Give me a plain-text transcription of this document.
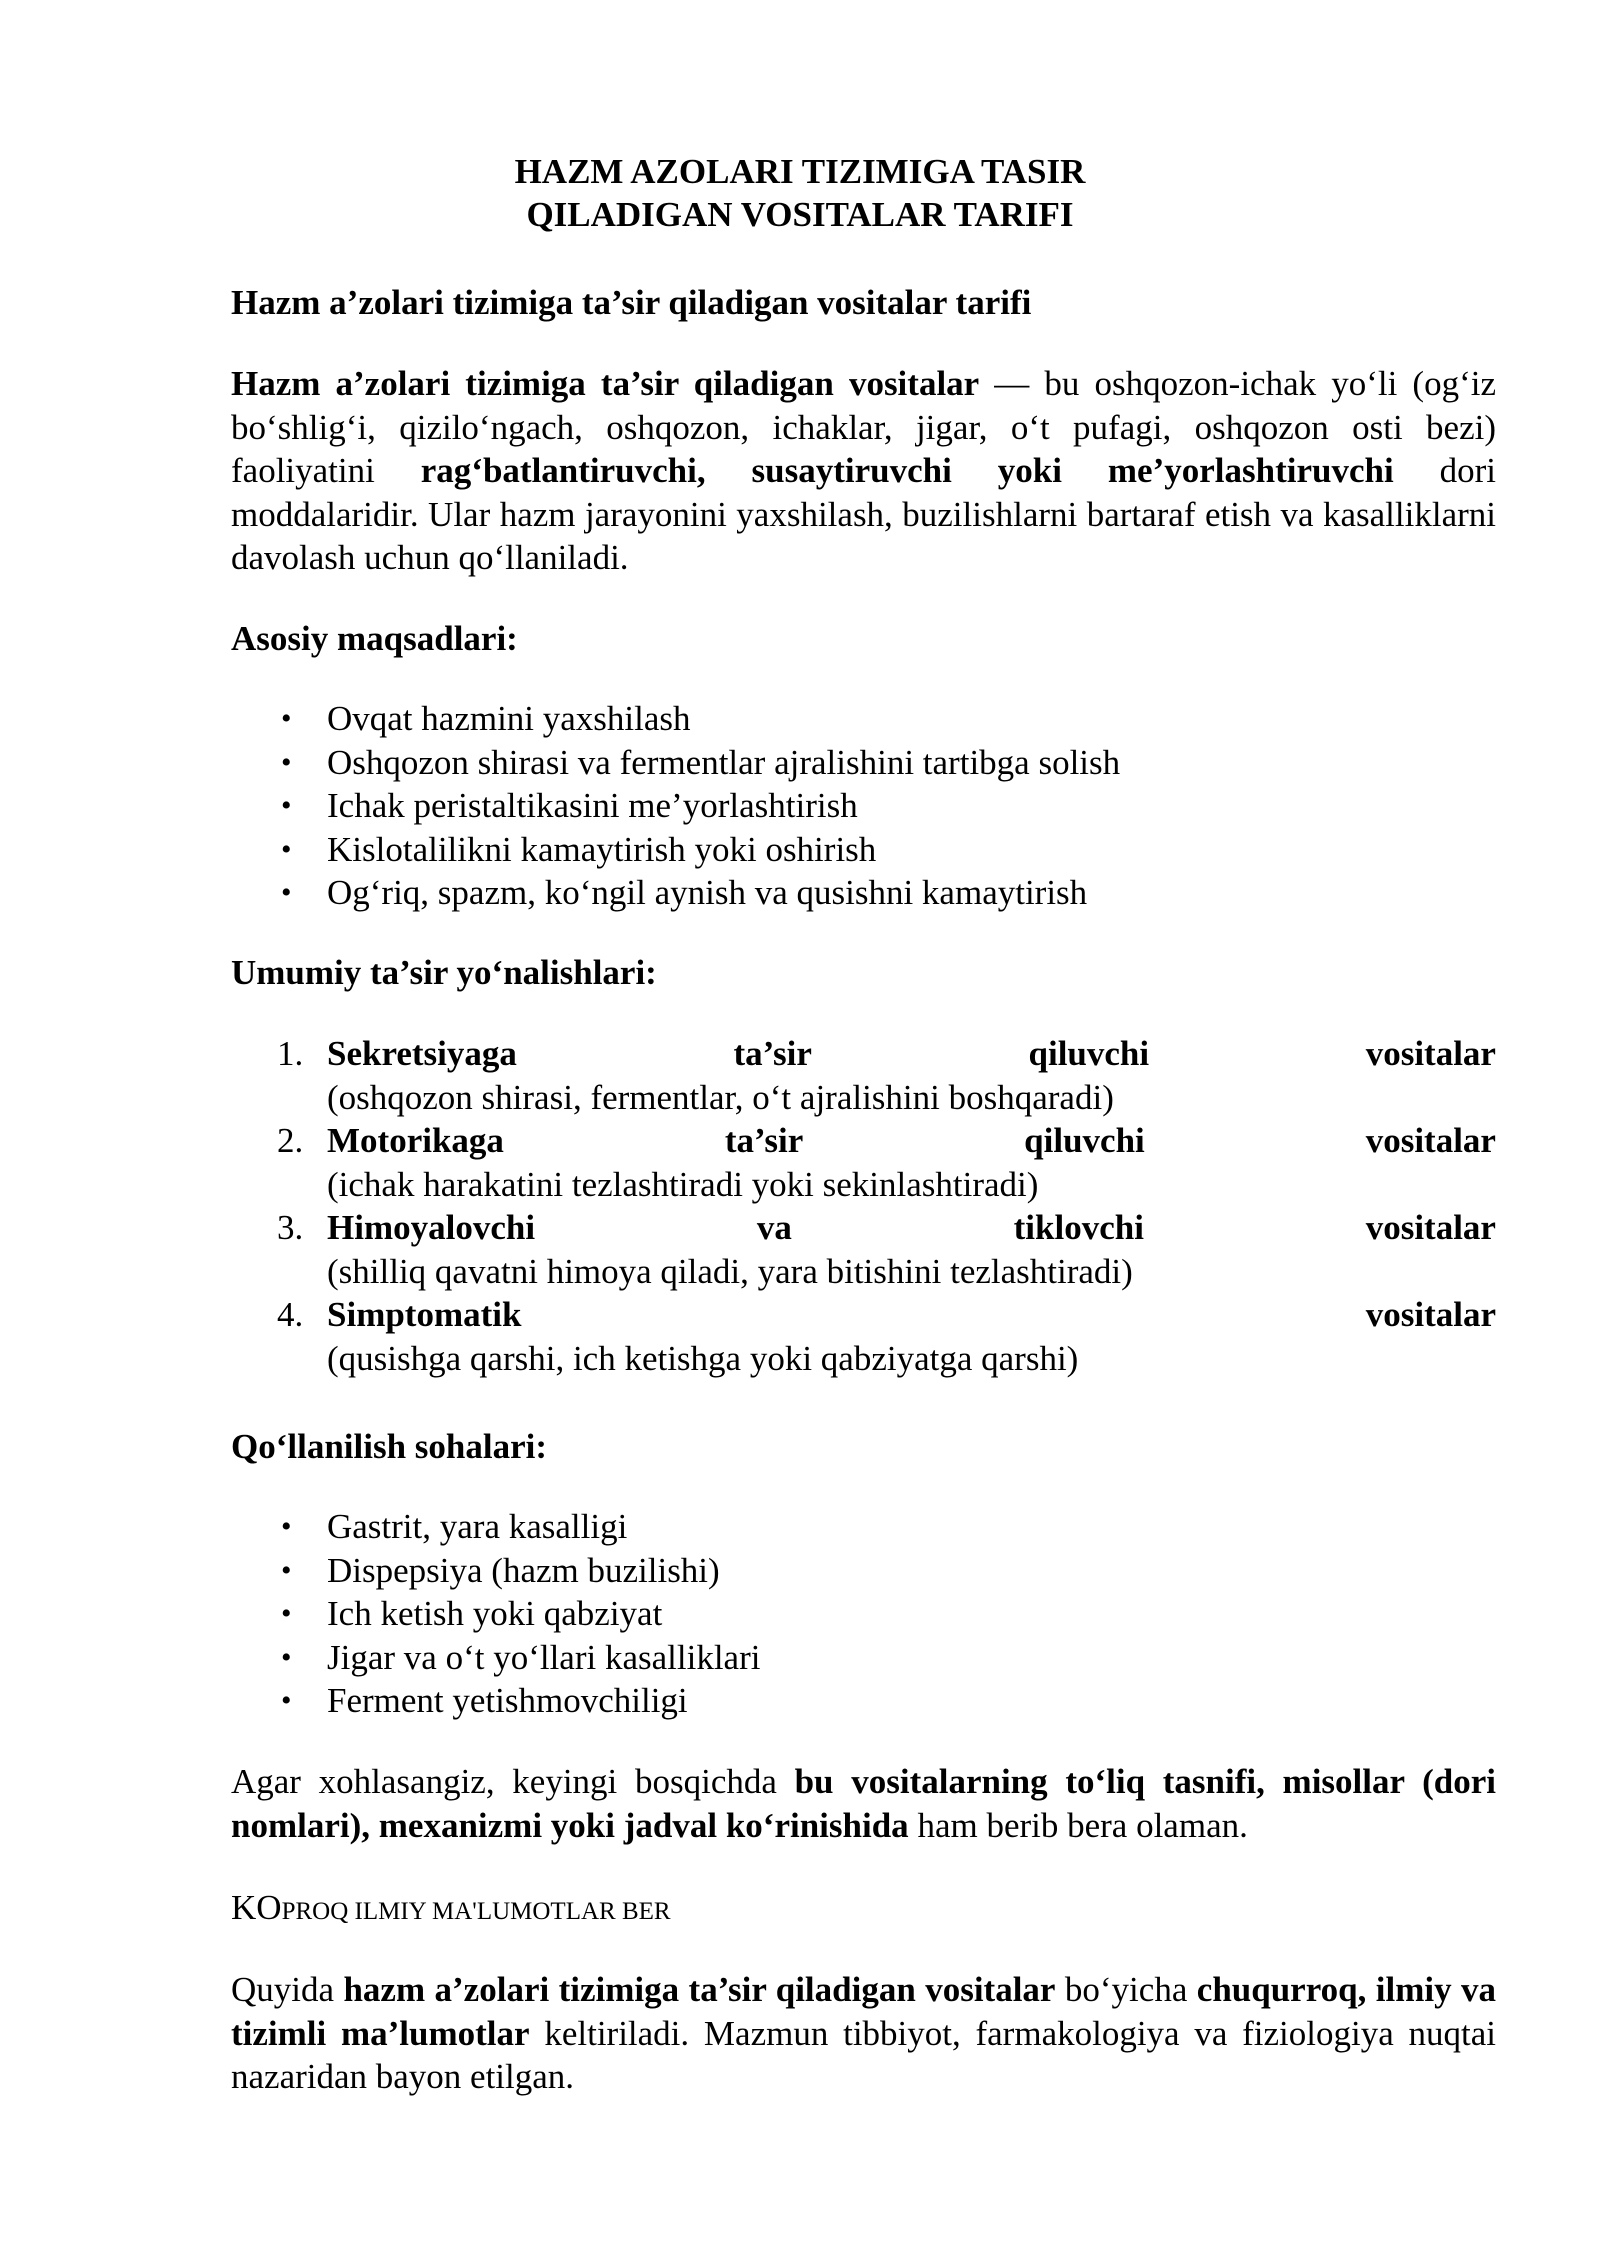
HAZM AZOLARI TIZIMIGA TASIR
QILADIGAN VOSITALAR TARIFI
Hazm a’zolari tizimiga ta’sir qiladigan vositalar tarifi
Hazm a’zolari tizimiga ta’sir qiladigan vositalar — bu oshqozon-ichak yo‘li (og‘iz bo‘shlig‘i, qizilo‘ngach, oshqozon, ichaklar, jigar, o‘t pufagi, oshqozon osti bezi) faoliyatini rag‘batlantiruvchi, susaytiruvchi yoki me’yorlashtiruvchi dori moddalaridir. Ular hazm jarayonini yaxshilash, buzilishlarni bartaraf etish va kasalliklarni davolash uchun qo‘llaniladi.
Asosiy maqsadlari:
• Ovqat hazmini yaxshilash
• Oshqozon shirasi va fermentlar ajralishini tartibga solish
• Ichak peristaltikasini me’yorlashtirish
• Kislotalilikni kamaytirish yoki oshirish
• Og‘riq, spazm, ko‘ngil aynish va qusishni kamaytirish
Umumiy ta’sir yo‘nalishlari:
1. Sekretsiyaga	ta’sir	qiluvchi	vositalar
(oshqozon shirasi, fermentlar, o‘t ajralishini boshqaradi)
2. Motorikaga	ta’sir	qiluvchi	vositalar
(ichak harakatini tezlashtiradi yoki sekinlashtiradi)
3. Himoyalovchi	va	tiklovchi	vositalar
(shilliq qavatni himoya qiladi, yara bitishini tezlashtiradi)
4. Simptomatik	vositalar
(qusishga qarshi, ich ketishga yoki qabziyatga qarshi)
Qo‘llanilish sohalari:
• Gastrit, yara kasalligi
• Dispepsiya (hazm buzilishi)
• Ich ketish yoki qabziyat
• Jigar va o‘t yo‘llari kasalliklari
• Ferment yetishmovchiligi
Agar xohlasangiz, keyingi bosqichda bu vositalarning to‘liq tasnifi, misollar (dori nomlari), mexanizmi yoki jadval ko‘rinishida ham berib bera olaman.
KOPROQ ILMIY MA'LUMOTLAR BER
Quyida hazm a’zolari tizimiga ta’sir qiladigan vositalar bo‘yicha chuqurroq, ilmiy va tizimli ma’lumotlar keltiriladi. Mazmun tibbiyot, farmakologiya va fiziologiya nuqtai nazaridan bayon etilgan.
